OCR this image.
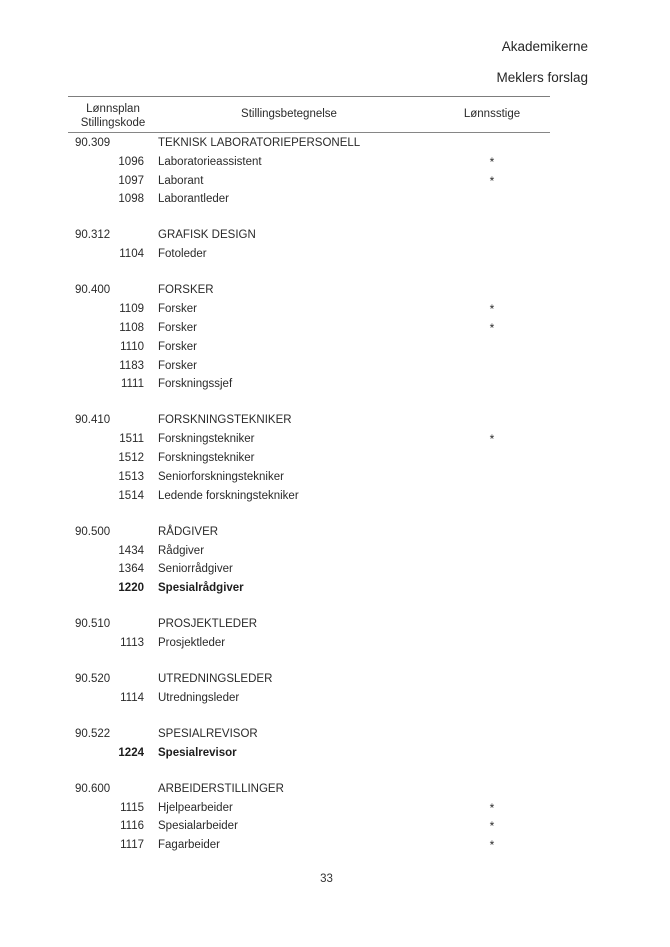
Akademikerne
Meklers forslag
Lønnsplan
Stillingskode
Stillingsbetegnelse	Lønnsstige
90.309	TEKNISK LABORATORIEPERSONELL
1096 Laboratorieassistent	*
1097 Laborant	*
1098 Laborantleder
90.312	GRAFISK DESIGN
1104 Fotoleder
90.400	FORSKER
1109 Forsker	*
1108 Forsker	*
1110 Forsker
1183 Forsker
1111 Forskningssjef
90.410	FORSKNINGSTEKNIKER
1511 Forskningstekniker	*
1512 Forskningstekniker
1513 Seniorforskningstekniker
1514 Ledende forskningstekniker
90.500	RÅDGIVER
1434 Rådgiver
1364 Seniorrådgiver
1220 Spesialrådgiver
90.510	PROSJEKTLEDER
1113 Prosjektleder
90.520	UTREDNINGSLEDER
1114 Utredningsleder
90.522	SPESIALREVISOR
1224 Spesialrevisor
90.600	ARBEIDERSTILLINGER
1115 Hjelpearbeider	*
1116 Spesialarbeider	*
1117 Fagarbeider	*
33
